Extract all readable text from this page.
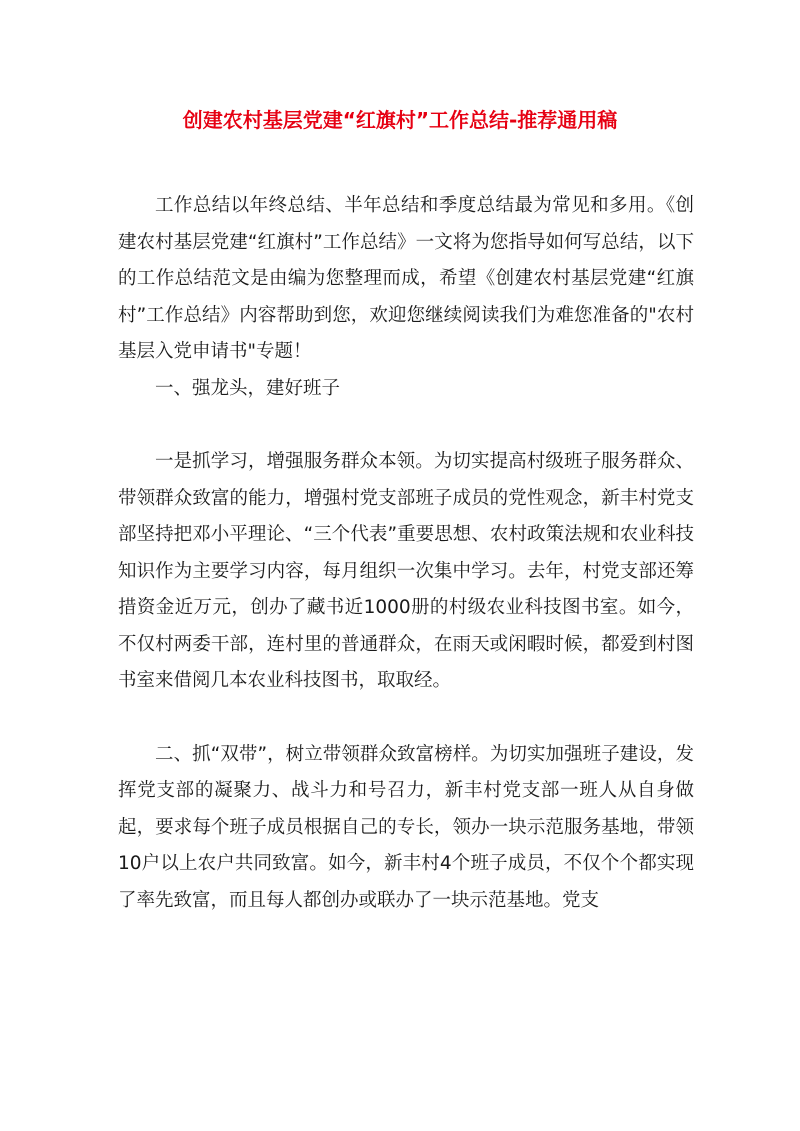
创建农村基层党建“红旗村”工作总结-推荐通用稿

工作总结以年终总结、半年总结和季度总结最为常见和多用。《创建农村基层党建“红旗村”工作总结》一文将为您指导如何写总结，以下的工作总结范文是由编为您整理而成，希望《创建农村基层党建“红旗村”工作总结》内容帮助到您，欢迎您继续阅读我们为难您准备的"农村基层入党申请书"专题！

一、强龙头，建好班子

一是抓学习，增强服务群众本领。为切实提高村级班子服务群众、带领群众致富的能力，增强村党支部班子成员的党性观念，新丰村党支部坚持把邓小平理论、“三个代表”重要思想、农村政策法规和农业科技知识作为主要学习内容，每月组织一次集中学习。去年，村党支部还筹措资金近万元，创办了藏书近1000册的村级农业科技图书室。如今，不仅村两委干部，连村里的普通群众，在雨天或闲暇时候，都爱到村图书室来借阅几本农业科技图书，取取经。

二、抓“双带”，树立带领群众致富榜样。为切实加强班子建设，发挥党支部的凝聚力、战斗力和号召力，新丰村党支部一班人从自身做起，要求每个班子成员根据自己的专长，领办一块示范服务基地，带领10户以上农户共同致富。如今，新丰村4个班子成员，不仅个个都实现了率先致富，而且每人都创办或联办了一块示范基地。党支
